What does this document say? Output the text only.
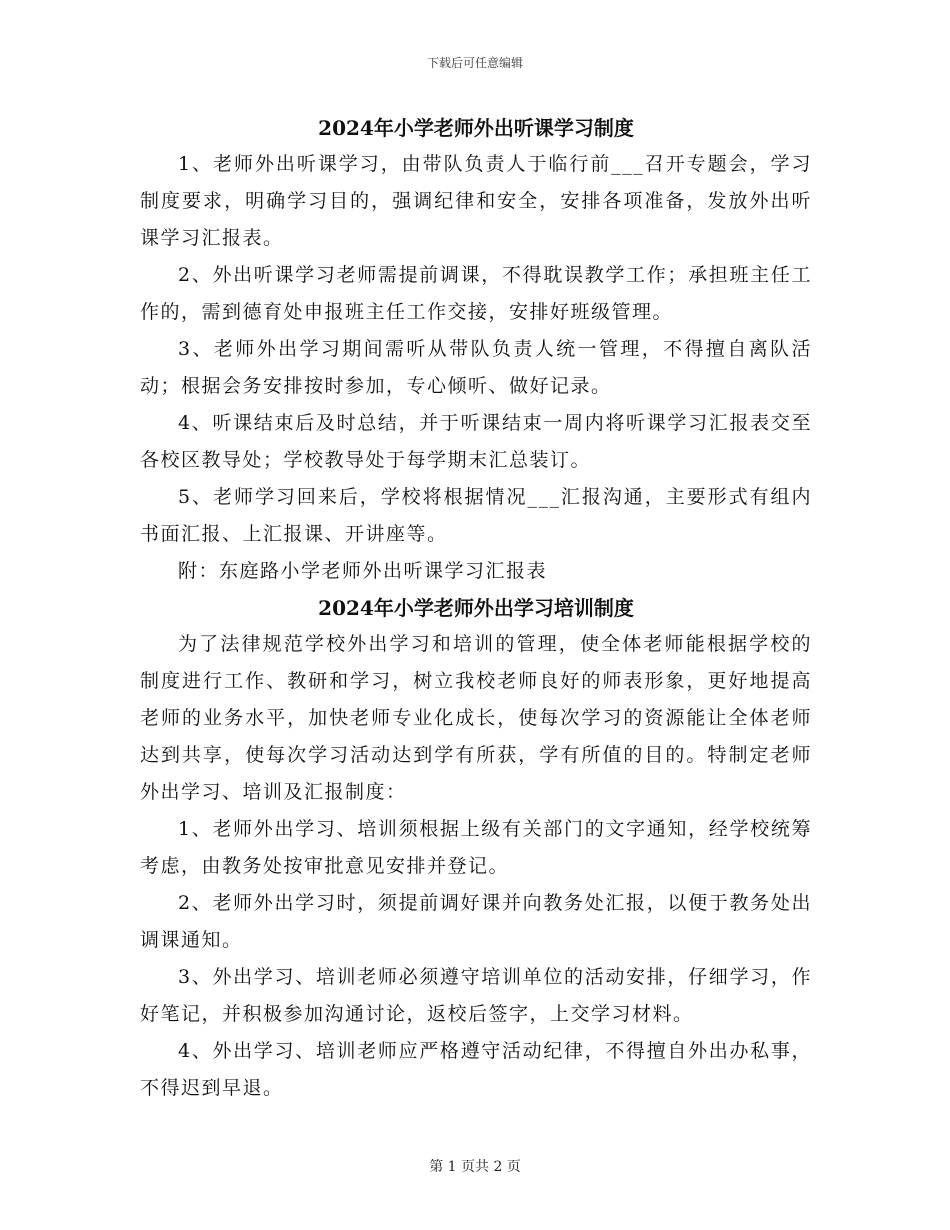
下载后可任意编辑
2024年小学老师外出听课学习制度

1、老师外出听课学习，由带队负责人于临行前___召开专题会，学习制度要求，明确学习目的，强调纪律和安全，安排各项准备，发放外出听课学习汇报表。

2、外出听课学习老师需提前调课，不得耽误教学工作；承担班主任工作的，需到德育处申报班主任工作交接，安排好班级管理。

3、老师外出学习期间需听从带队负责人统一管理，不得擅自离队活动；根据会务安排按时参加，专心倾听、做好记录。

4、听课结束后及时总结，并于听课结束一周内将听课学习汇报表交至各校区教导处；学校教导处于每学期末汇总装订。

5、老师学习回来后，学校将根据情况___汇报沟通，主要形式有组内书面汇报、上汇报课、开讲座等。

附：东庭路小学老师外出听课学习汇报表

2024年小学老师外出学习培训制度

为了法律规范学校外出学习和培训的管理，使全体老师能根据学校的制度进行工作、教研和学习，树立我校老师良好的师表形象，更好地提高老师的业务水平，加快老师专业化成长，使每次学习的资源能让全体老师达到共享，使每次学习活动达到学有所获，学有所值的目的。特制定老师外出学习、培训及汇报制度：

1、老师外出学习、培训须根据上级有关部门的文字通知，经学校统筹考虑，由教务处按审批意见安排并登记。

2、老师外出学习时，须提前调好课并向教务处汇报，以便于教务处出调课通知。

3、外出学习、培训老师必须遵守培训单位的活动安排，仔细学习，作好笔记，并积极参加沟通讨论，返校后签字，上交学习材料。

4、外出学习、培训老师应严格遵守活动纪律，不得擅自外出办私事，不得迟到早退。

第 1 页共 2 页
